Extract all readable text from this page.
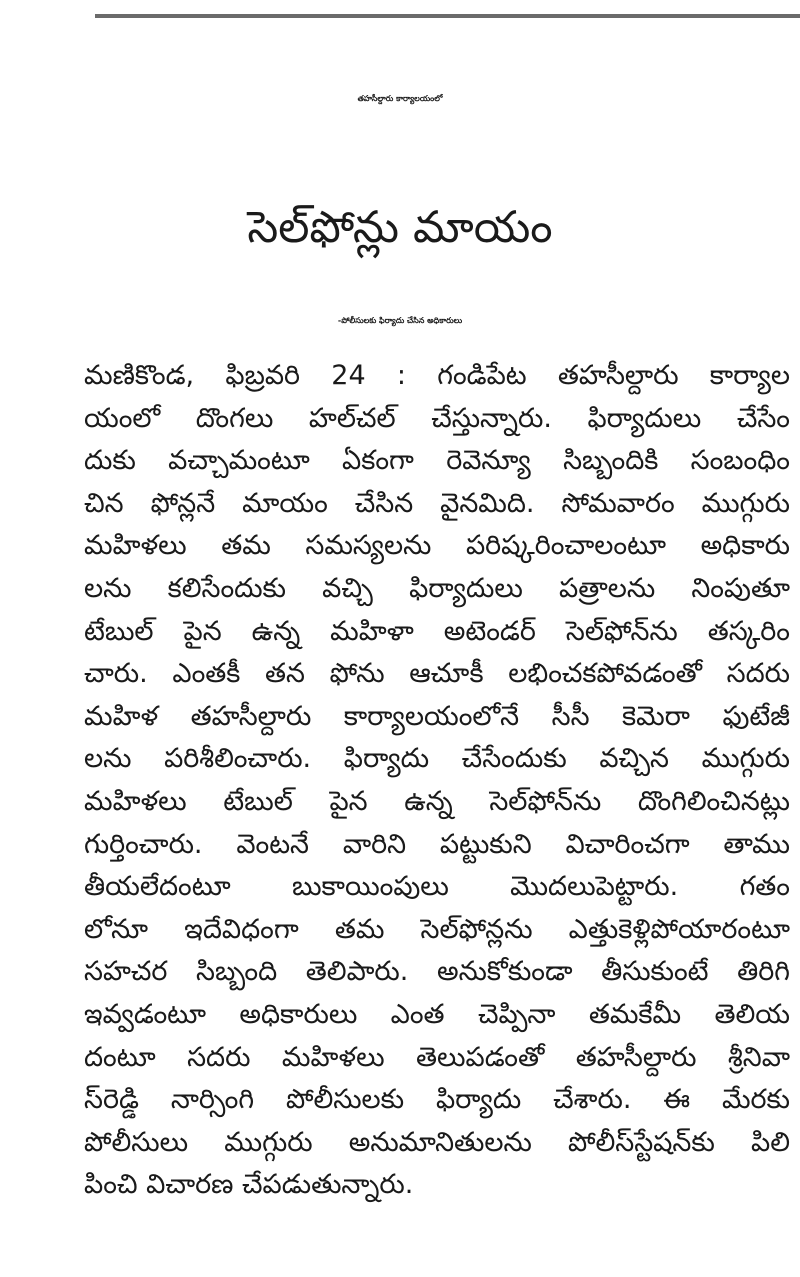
తహసీల్దారు కార్యాలయంలో
సెల్‌ఫోన్లు మాయం
-పోలీసులకు ఫిర్యాదు చేసిన అధికారులు
మణికొండ, ఫిబ్రవరి 24 : గండిపేట తహసీల్దారు కార్యాల
యంలో దొంగలు హల్‌చల్ చేస్తున్నారు. ఫిర్యాదులు చేసేం
దుకు వచ్చామంటూ ఏకంగా రెవెన్యూ సిబ్బందికి సంబంధిం
చిన ఫోన్లనే మాయం చేసిన వైనమిది. సోమవారం ముగ్గురు
మహిళలు తమ సమస్యలను పరిష్కరించాలంటూ అధికారు
లను కలిసేందుకు వచ్చి ఫిర్యాదులు పత్రాలను నింపుతూ
టేబుల్ పైన ఉన్న మహిళా అటెండర్ సెల్‌ఫోన్‌ను తస్కరిం
చారు. ఎంతకీ తన ఫోను ఆచూకీ లభించకపోవడంతో సదరు
మహిళ తహసీల్దారు కార్యాలయంలోనే సీసీ కెమెరా ఫుటేజీ
లను పరిశీలించారు. ఫిర్యాదు చేసేందుకు వచ్చిన ముగ్గురు
మహిళలు టేబుల్ పైన ఉన్న సెల్‌ఫోన్‌ను దొంగిలించినట్లు
గుర్తించారు. వెంటనే వారిని పట్టుకుని విచారించగా తాము
తీయలేదంటూ బుకాయింపులు మొదలుపెట్టారు. గతం
లోనూ ఇదేవిధంగా తమ సెల్‌ఫోన్లను ఎత్తుకెళ్లిపోయారంటూ
సహచర సిబ్బంది తెలిపారు. అనుకోకుండా తీసుకుంటే తిరిగి
ఇవ్వడంటూ అధికారులు ఎంత చెప్పినా తమకేమీ తెలియ
దంటూ సదరు మహిళలు తెలుపడంతో తహసీల్దారు శ్రీనివా
స్‌రెడ్డి నార్సింగి పోలీసులకు ఫిర్యాదు చేశారు. ఈ మేరకు
పోలీసులు ముగ్గురు అనుమానితులను పోలీస్‌స్టేషన్‌కు పిలి
పించి విచారణ చేపడుతున్నారు.
